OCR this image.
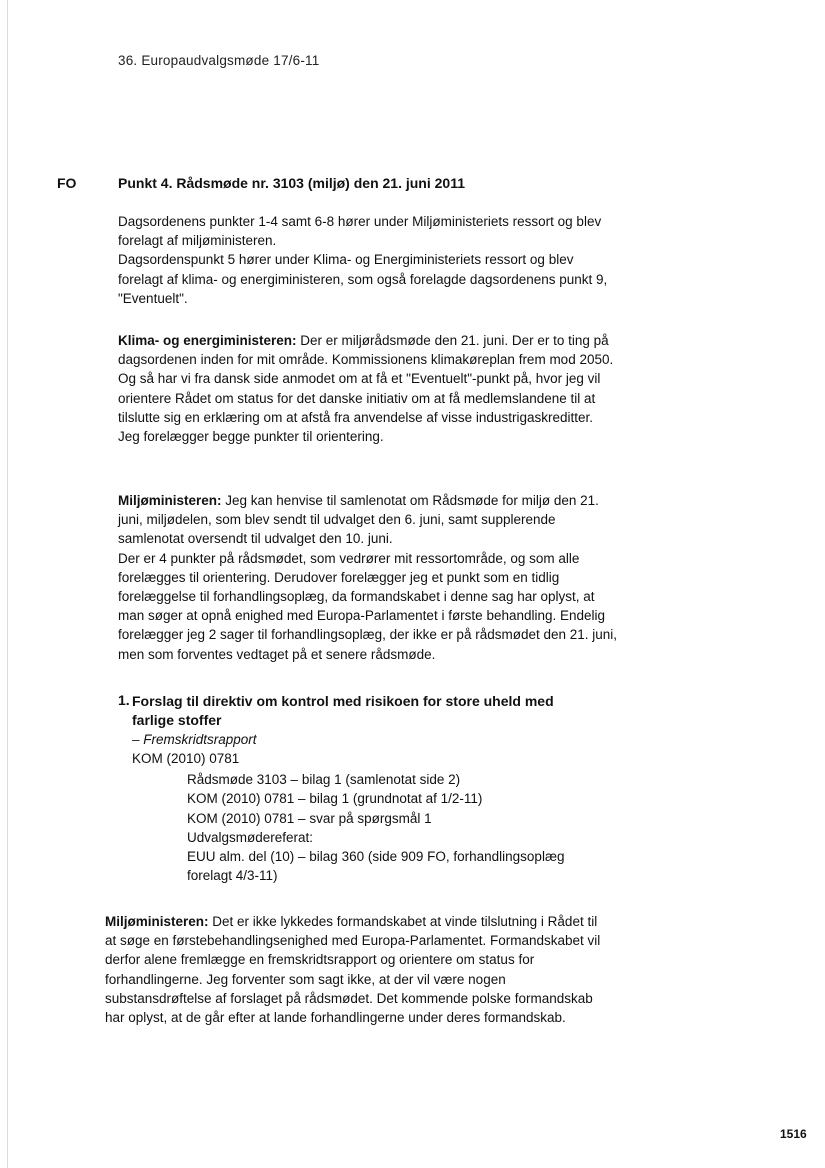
36. Europaudvalgsmøde 17/6-11
FO	Punkt 4. Rådsmøde nr. 3103 (miljø) den 21. juni 2011

Dagsordenens punkter 1-4 samt 6-8 hører under Miljøministeriets ressort og blev forelagt af miljøministeren.

Dagsordenspunkt 5 hører under Klima- og Energiministeriets ressort og blev forelagt af klima- og energiministeren, som også forelagde dagsordenens punkt 9, "Eventuelt".

Klima- og energiministeren: Der er miljørådsmøde den 21. juni. Der er to ting på dagsordenen inden for mit område. Kommissionens klimakøreplan frem mod 2050. Og så har vi fra dansk side anmodet om at få et "Eventuelt"-punkt på, hvor jeg vil orientere Rådet om status for det danske initiativ om at få medlemslandene til at tilslutte sig en erklæring om at afstå fra anvendelse af visse industrigaskreditter.

Jeg forelægger begge punkter til orientering.

Miljøministeren: Jeg kan henvise til samlenotat om Rådsmøde for miljø den 21. juni, miljødelen, som blev sendt til udvalget den 6. juni, samt supplerende samlenotat oversendt til udvalget den 10. juni.

Der er 4 punkter på rådsmødet, som vedrører mit ressortområde, og som alle forelægges til orientering. Derudover forelægger jeg et punkt som en tidlig forelæggelse til forhandlingsoplæg, da formandskabet i denne sag har oplyst, at man søger at opnå enighed med Europa-Parlamentet i første behandling. Endelig forelægger jeg 2 sager til forhandlingsoplæg, der ikke er på rådsmødet den 21. juni, men som forventes vedtaget på et senere rådsmøde.

1. Forslag til direktiv om kontrol med risikoen for store uheld med farlige stoffer
– Fremskridtsrapport
KOM (2010) 0781

Rådsmøde 3103 – bilag 1 (samlenotat side 2)

KOM (2010) 0781 – bilag 1 (grundnotat af 1/2-11)

KOM (2010) 0781 – svar på spørgsmål 1

Udvalgsmødereferat:

EUU alm. del (10) – bilag 360 (side 909 FO, forhandlingsoplæg forelagt 4/3-11)

Miljøministeren: Det er ikke lykkedes formandskabet at vinde tilslutning i Rådet til at søge en førstebehandlingsenighed med Europa-Parlamentet. Formandskabet vil derfor alene fremlægge en fremskridtsrapport og orientere om status for forhandlingerne. Jeg forventer som sagt ikke, at der vil være nogen substansdrøftelse af forslaget på rådsmødet. Det kommende polske formandskab har oplyst, at de går efter at lande forhandlingerne under deres formandskab.

1516
